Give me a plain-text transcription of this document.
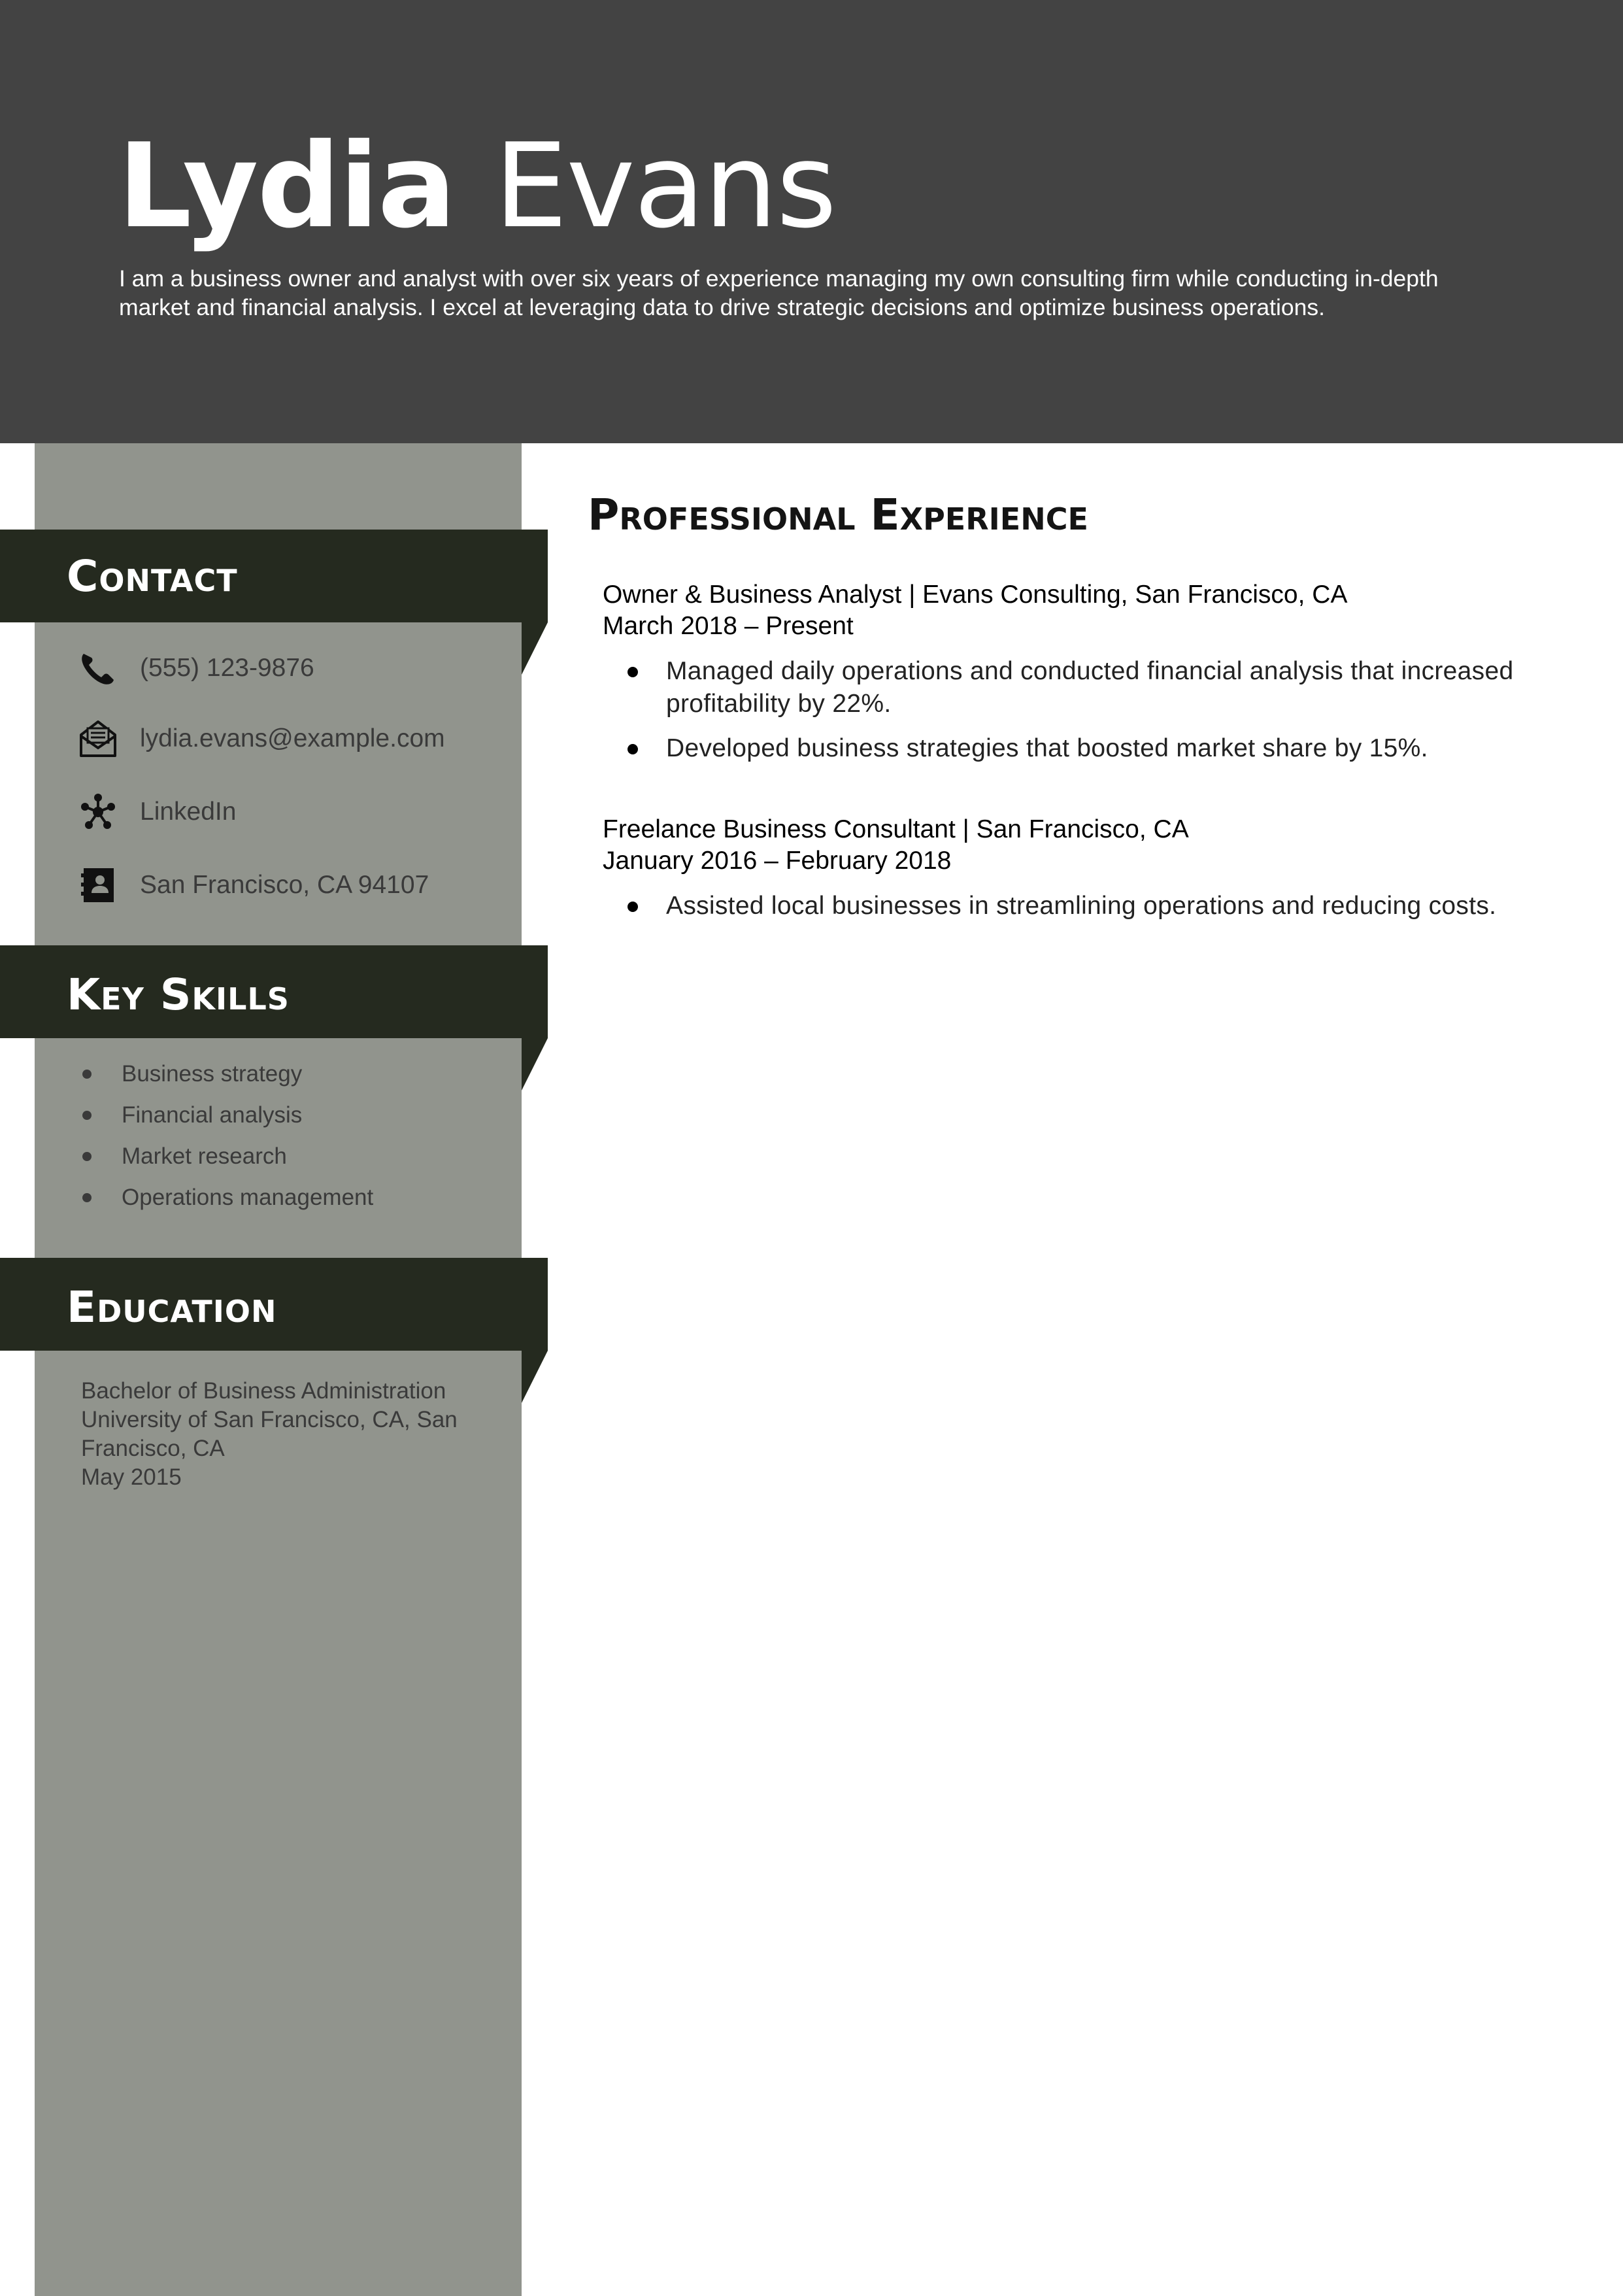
Lydia Evans

I am a business owner and analyst with over six years of experience managing my own consulting firm while conducting in-depth market and financial analysis. I excel at leveraging data to drive strategic decisions and optimize business operations.

Contact
(555) 123-9876
lydia.evans@example.com
LinkedIn
San Francisco, CA 94107
Key Skills
Business strategy
Financial analysis
Market research
Operations management
Education
Bachelor of Business Administration
University of San Francisco, CA, San
Francisco, CA
May 2015
Professional Experience
Owner & Business Analyst | Evans Consulting, San Francisco, CA
March 2018 – Present
Managed daily operations and conducted financial analysis that increased profitability by 22%.
Developed business strategies that boosted market share by 15%.
Freelance Business Consultant | San Francisco, CA
January 2016 – February 2018
Assisted local businesses in streamlining operations and reducing costs.
